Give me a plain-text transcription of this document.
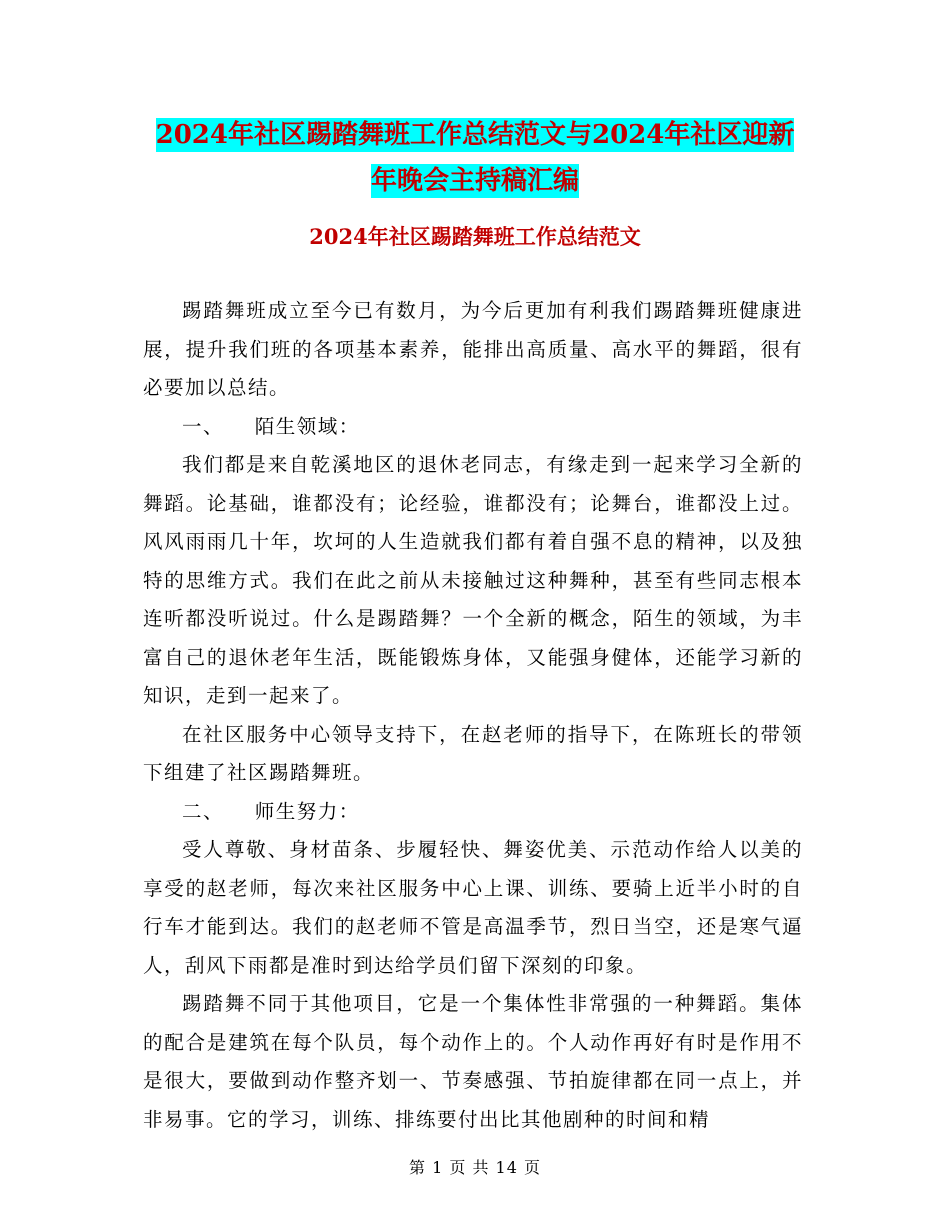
2024年社区踢踏舞班工作总结范文与2024年社区迎新
年晚会主持稿汇编
2024年社区踢踏舞班工作总结范文

踢踏舞班成立至今已有数月，为今后更加有利我们踢踏舞班健康进展，提升我们班的各项基本素养，能排出高质量、高水平的舞蹈，很有必要加以总结。

一、    陌生领域：

我们都是来自乾溪地区的退休老同志，有缘走到一起来学习全新的舞蹈。论基础，谁都没有；论经验，谁都没有；论舞台，谁都没上过。风风雨雨几十年，坎坷的人生造就我们都有着自强不息的精神，以及独特的思维方式。我们在此之前从未接触过这种舞种，甚至有些同志根本连听都没听说过。什么是踢踏舞？一个全新的概念，陌生的领域，为丰富自己的退休老年生活，既能锻炼身体，又能强身健体，还能学习新的知识，走到一起来了。

在社区服务中心领导支持下，在赵老师的指导下，在陈班长的带领下组建了社区踢踏舞班。

二、    师生努力：

受人尊敬、身材苗条、步履轻快、舞姿优美、示范动作给人以美的享受的赵老师，每次来社区服务中心上课、训练、要骑上近半小时的自行车才能到达。我们的赵老师不管是高温季节，烈日当空，还是寒气逼人，刮风下雨都是准时到达给学员们留下深刻的印象。

踢踏舞不同于其他项目，它是一个集体性非常强的一种舞蹈。集体的配合是建筑在每个队员，每个动作上的。个人动作再好有时是作用不是很大，要做到动作整齐划一、节奏感强、节拍旋律都在同一点上，并非易事。它的学习，训练、排练要付出比其他剧种的时间和精

第 1 页 共 14 页
